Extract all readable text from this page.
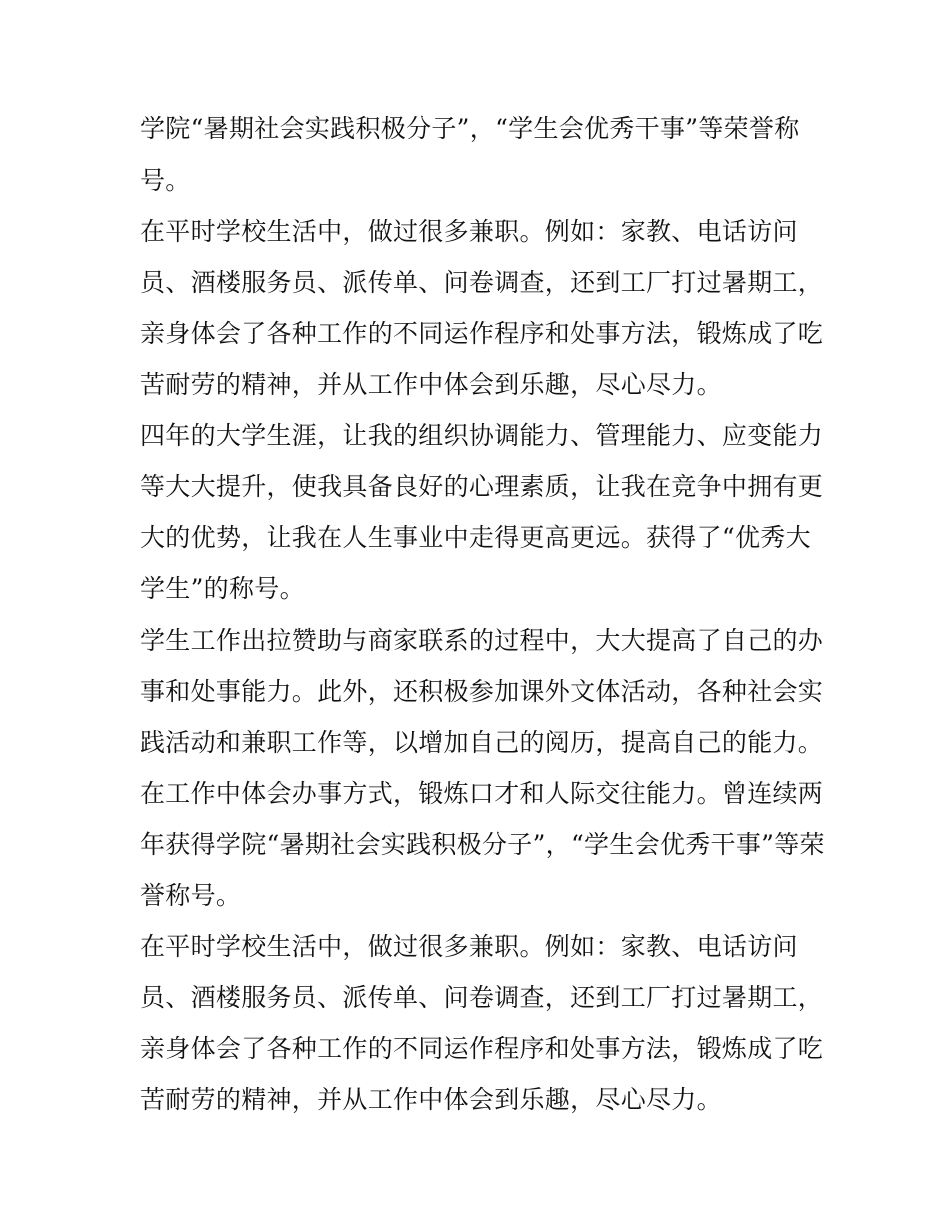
学院“暑期社会实践积极分子”，“学生会优秀干事”等荣誉称
号。
在平时学校生活中，做过很多兼职。例如：家教、电话访问
员、酒楼服务员、派传单、问卷调查，还到工厂打过暑期工，
亲身体会了各种工作的不同运作程序和处事方法，锻炼成了吃
苦耐劳的精神，并从工作中体会到乐趣，尽心尽力。
四年的大学生涯，让我的组织协调能力、管理能力、应变能力
等大大提升，使我具备良好的心理素质，让我在竞争中拥有更
大的优势，让我在人生事业中走得更高更远。获得了“优秀大
学生”的称号。
学生工作出拉赞助与商家联系的过程中，大大提高了自己的办
事和处事能力。此外，还积极参加课外文体活动，各种社会实
践活动和兼职工作等，以增加自己的阅历，提高自己的能力。
在工作中体会办事方式，锻炼口才和人际交往能力。曾连续两
年获得学院“暑期社会实践积极分子”，“学生会优秀干事”等荣
誉称号。
在平时学校生活中，做过很多兼职。例如：家教、电话访问
员、酒楼服务员、派传单、问卷调查，还到工厂打过暑期工，
亲身体会了各种工作的不同运作程序和处事方法，锻炼成了吃
苦耐劳的精神，并从工作中体会到乐趣，尽心尽力。
